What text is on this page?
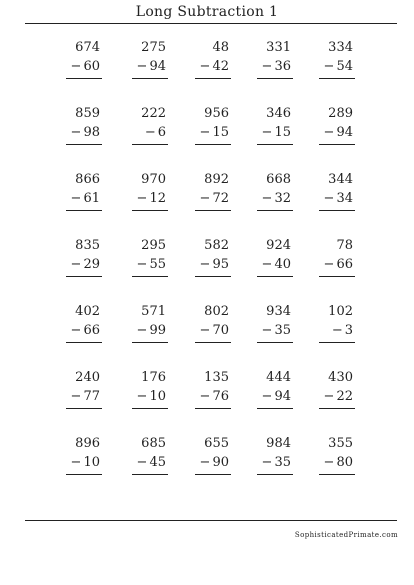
Long Subtraction 1
674
− 60
275
− 94
48
− 42
331
− 36
334
− 54
859
− 98
222
− 6
956
− 15
346
− 15
289
− 94
866
− 61
970
− 12
892
− 72
668
− 32
344
− 34
835
− 29
295
− 55
582
− 95
924
− 40
78
− 66
402
− 66
571
− 99
802
− 70
934
− 35
102
− 3
240
− 77
176
− 10
135
− 76
444
− 94
430
− 22
896
− 10
685
− 45
655
− 90
984
− 35
355
− 80
SophisticatedPrimate.com
